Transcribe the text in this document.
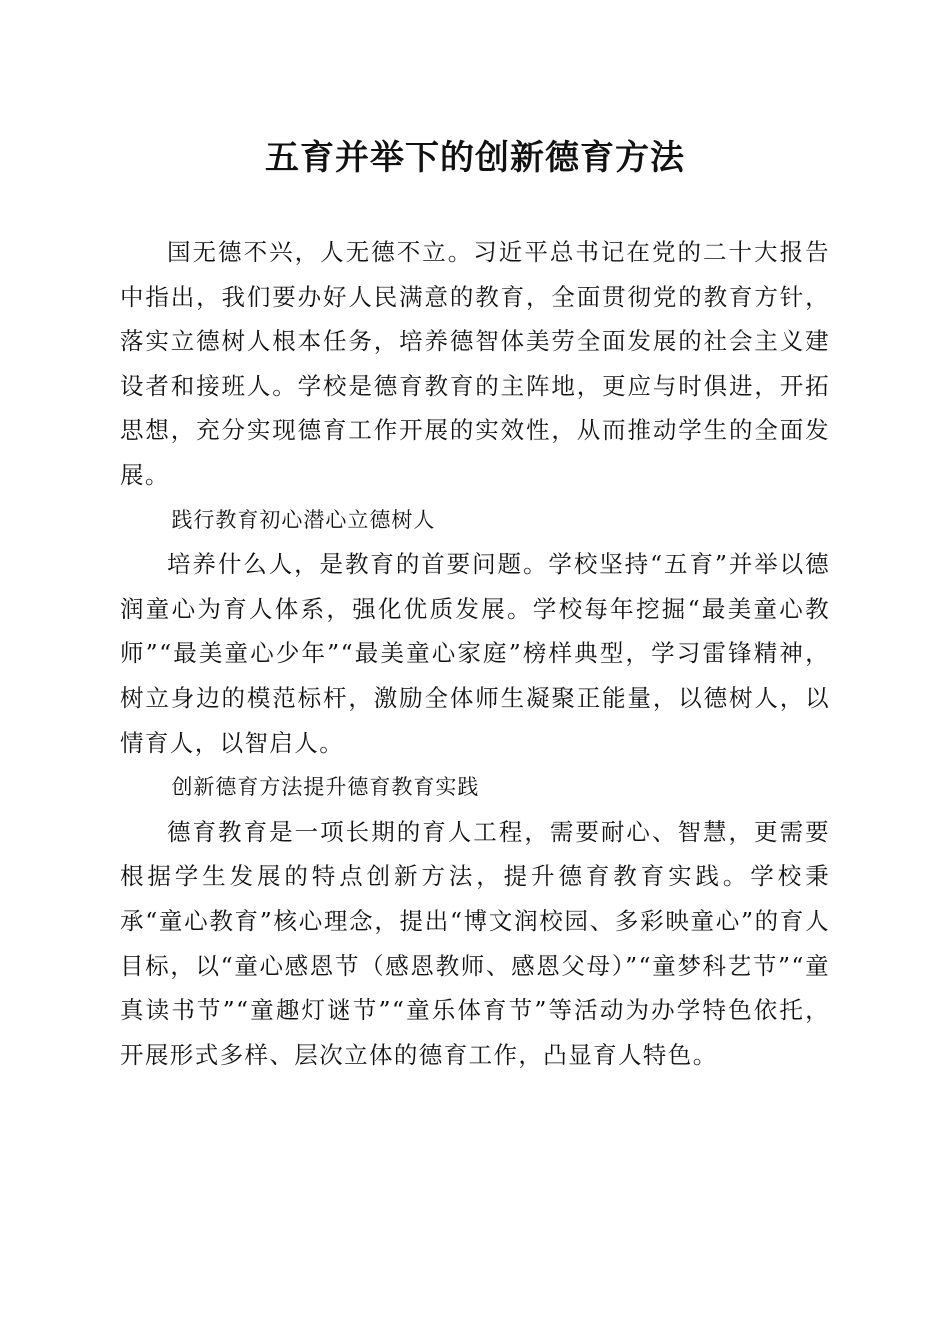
五育并举下的创新德育方法

国无德不兴，人无德不立。习近平总书记在党的二十大报告中指出，我们要办好人民满意的教育，全面贯彻党的教育方针，落实立德树人根本任务，培养德智体美劳全面发展的社会主义建设者和接班人。学校是德育教育的主阵地，更应与时俱进，开拓思想，充分实现德育工作开展的实效性，从而推动学生的全面发展。

践行教育初心潜心立德树人

培养什么人，是教育的首要问题。学校坚持“五育”并举以德润童心为育人体系，强化优质发展。学校每年挖掘“最美童心教师”“最美童心少年”“最美童心家庭”榜样典型，学习雷锋精神，树立身边的模范标杆，激励全体师生凝聚正能量，以德树人，以情育人，以智启人。

创新德育方法提升德育教育实践

德育教育是一项长期的育人工程，需要耐心、智慧，更需要根据学生发展的特点创新方法，提升德育教育实践。学校秉承“童心教育”核心理念，提出“博文润校园、多彩映童心”的育人目标，以“童心感恩节（感恩教师、感恩父母）”“童梦科艺节”“童真读书节”“童趣灯谜节”“童乐体育节”等活动为办学特色依托，开展形式多样、层次立体的德育工作，凸显育人特色。
